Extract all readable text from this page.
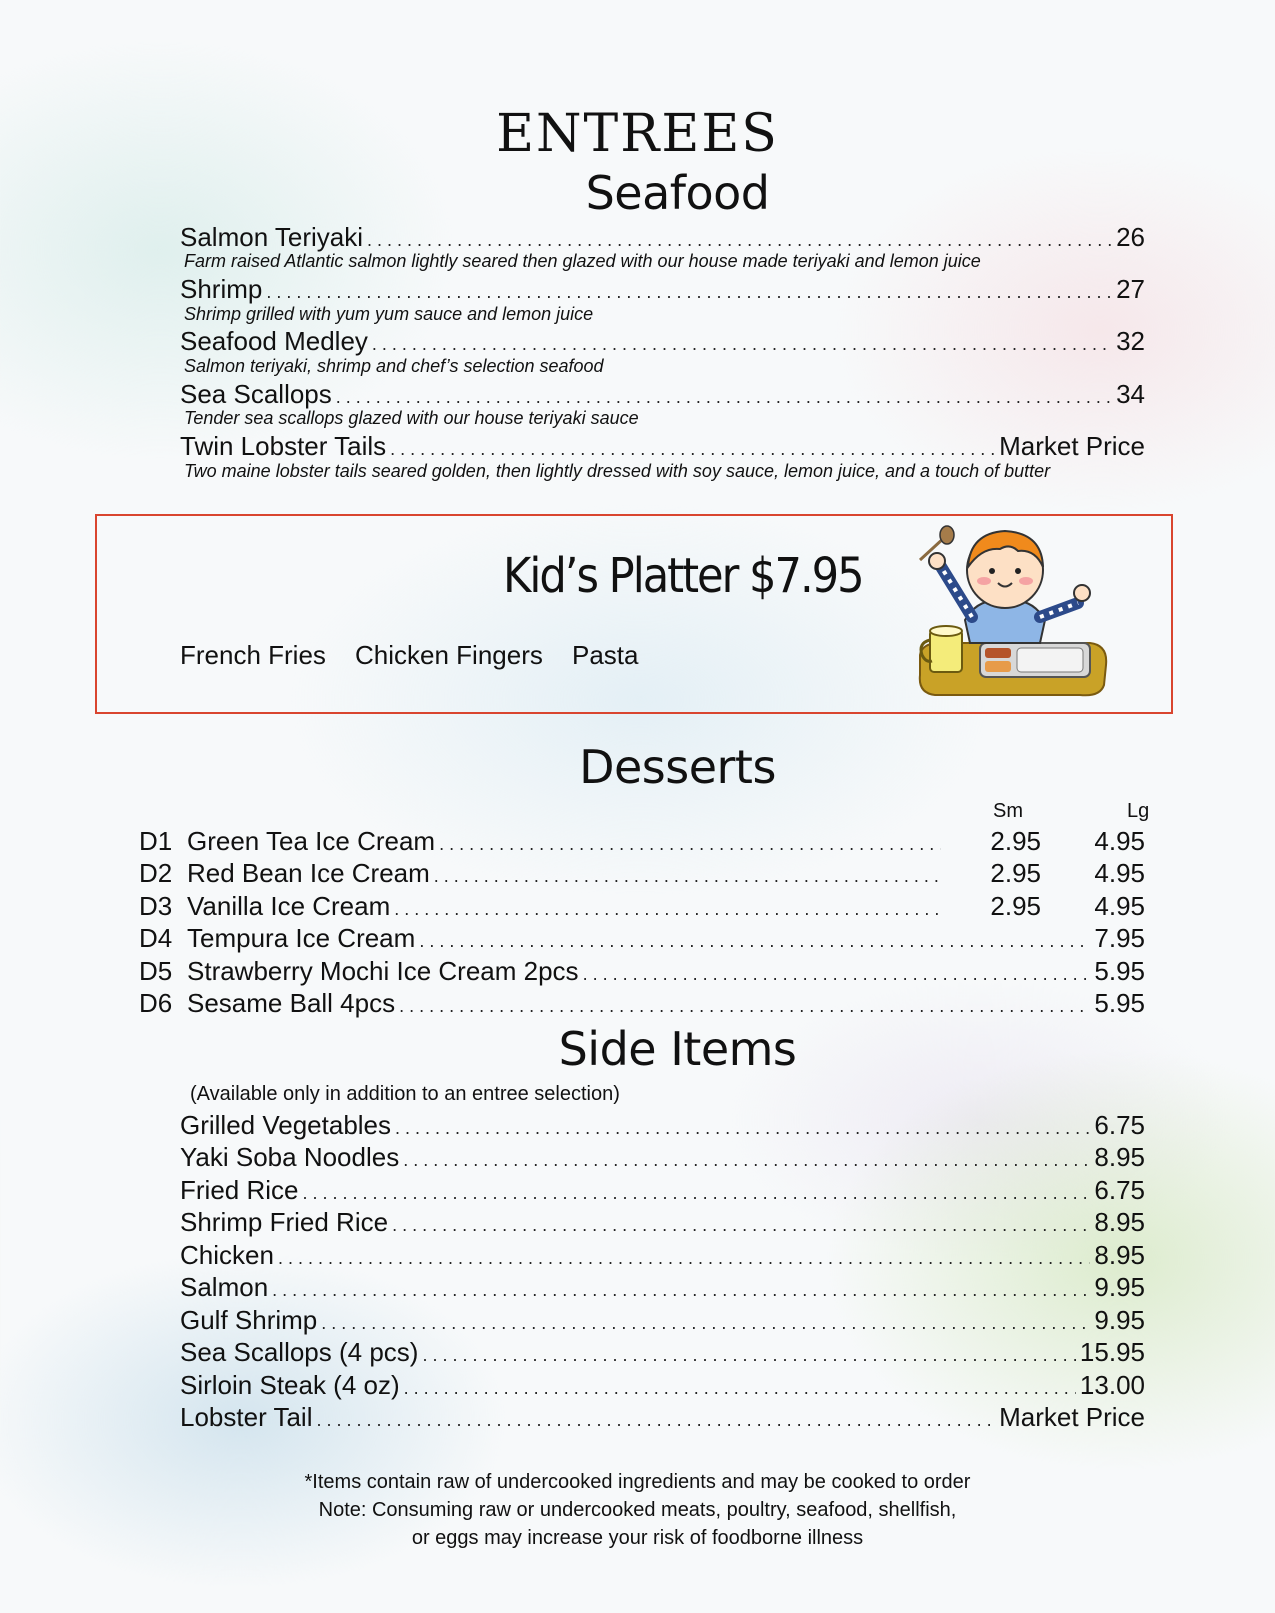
ENTREES
Seafood
Salmon Teriyaki . . .	26
Farm raised Atlantic salmon lightly seared then glazed with our house made teriyaki and lemon juice
Shrimp . . .	27
Shrimp grilled with yum yum sauce and lemon juice
Seafood Medley . . .	32
Salmon teriyaki, shrimp and chef’s selection seafood
Sea Scallops . . .	34
Tender sea scallops glazed with our house teriyaki sauce
Twin Lobster Tails . . .	Market Price
Two maine lobster tails seared golden, then lightly dressed with soy sauce, lemon juice, and a touch of butter
Kid’s Platter $7.95
French Fries Chicken Fingers Pasta
Desserts
Sm	Lg
D1 Green Tea Ice Cream . . .	2.95	4.95
D2 Red Bean Ice Cream . . .	2.95	4.95
D3 Vanilla Ice Cream . . .	2.95	4.95
D4 Tempura Ice Cream . . .	7.95
D5 Strawberry Mochi Ice Cream 2pcs . . .	5.95
D6 Sesame Ball 4pcs . . .	5.95
Side Items
(Available only in addition to an entree selection)
Grilled Vegetables . . .	6.75
Yaki Soba Noodles . . .	8.95
Fried Rice . . .	6.75
Shrimp Fried Rice . . .	8.95
Chicken . . .	8.95
Salmon . . .	9.95
Gulf Shrimp . . .	9.95
Sea Scallops (4 pcs) . . .	15.95
Sirloin Steak (4 oz) . . .	13.00
Lobster Tail . . .	Market Price
*Items contain raw of undercooked ingredients and may be cooked to order
Note: Consuming raw or undercooked meats, poultry, seafood, shellfish,
or eggs may increase your risk of foodborne illness
